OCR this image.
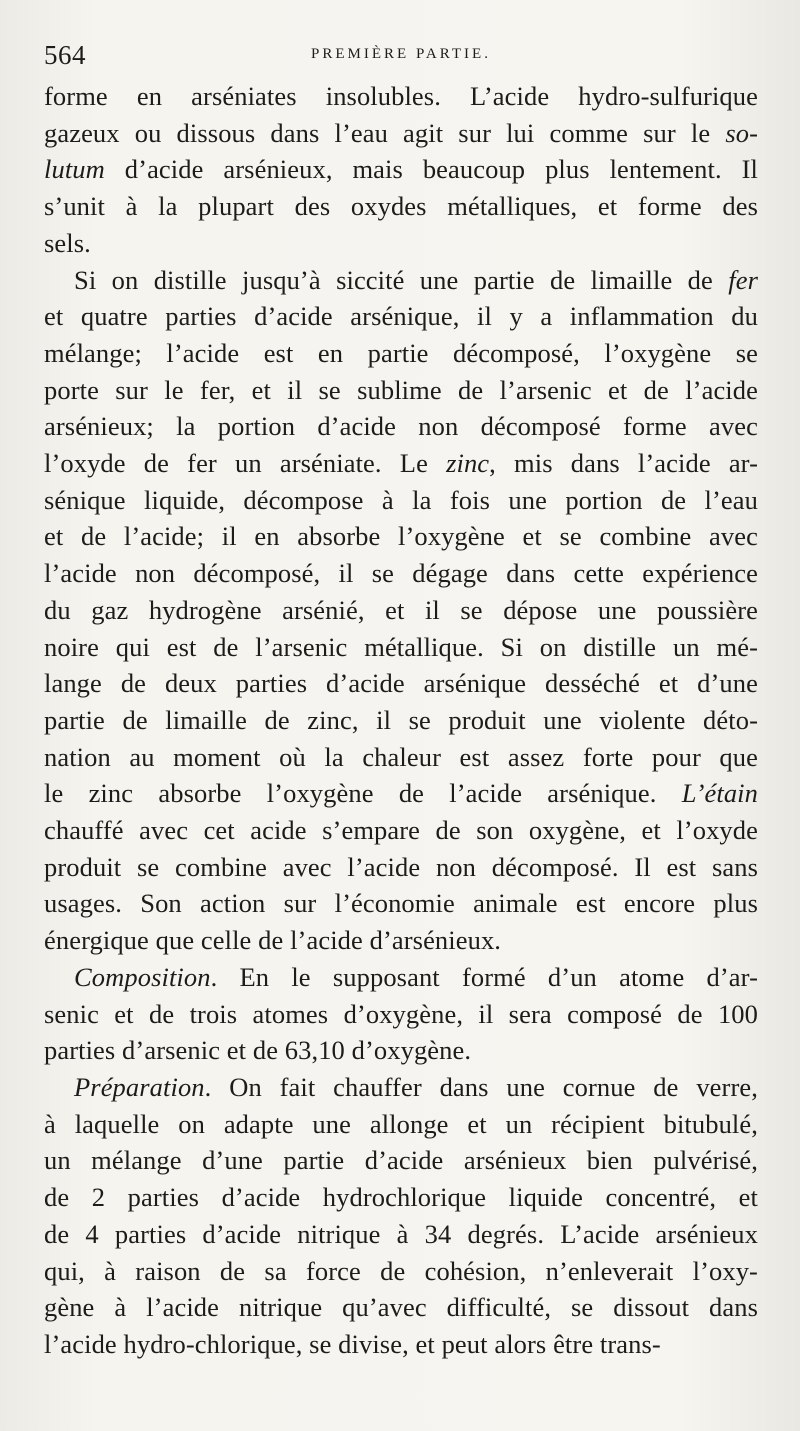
564	PREMIÈRE PARTIE.
forme en arséniates insolubles. L’acide hydro-sulfurique
gazeux ou dissous dans l’eau agit sur lui comme sur le so-
lutum d’acide arsénieux, mais beaucoup plus lentement. Il
s’unit à la plupart des oxydes métalliques, et forme des
sels.
Si on distille jusqu’à siccité une partie de limaille de fer
et quatre parties d’acide arsénique, il y a inflammation du
mélange; l’acide est en partie décomposé, l’oxygène se
porte sur le fer, et il se sublime de l’arsenic et de l’acide
arsénieux; la portion d’acide non décomposé forme avec
l’oxyde de fer un arséniate. Le zinc, mis dans l’acide ar-
sénique liquide, décompose à la fois une portion de l’eau
et de l’acide; il en absorbe l’oxygène et se combine avec
l’acide non décomposé, il se dégage dans cette expérience
du gaz hydrogène arsénié, et il se dépose une poussière
noire qui est de l’arsenic métallique. Si on distille un mé-
lange de deux parties d’acide arsénique desséché et d’une
partie de limaille de zinc, il se produit une violente déto-
nation au moment où la chaleur est assez forte pour que
le zinc absorbe l’oxygène de l’acide arsénique. L’étain
chauffé avec cet acide s’empare de son oxygène, et l’oxyde
produit se combine avec l’acide non décomposé. Il est sans
usages. Son action sur l’économie animale est encore plus
énergique que celle de l’acide d’arsénieux.
Composition. En le supposant formé d’un atome d’ar-
senic et de trois atomes d’oxygène, il sera composé de 100
parties d’arsenic et de 63,10 d’oxygène.
Préparation. On fait chauffer dans une cornue de verre,
à laquelle on adapte une allonge et un récipient bitubulé,
un mélange d’une partie d’acide arsénieux bien pulvérisé,
de 2 parties d’acide hydrochlorique liquide concentré, et
de 4 parties d’acide nitrique à 34 degrés. L’acide arsénieux
qui, à raison de sa force de cohésion, n’enleverait l’oxy-
gène à l’acide nitrique qu’avec difficulté, se dissout dans
l’acide hydro-chlorique, se divise, et peut alors être trans-
